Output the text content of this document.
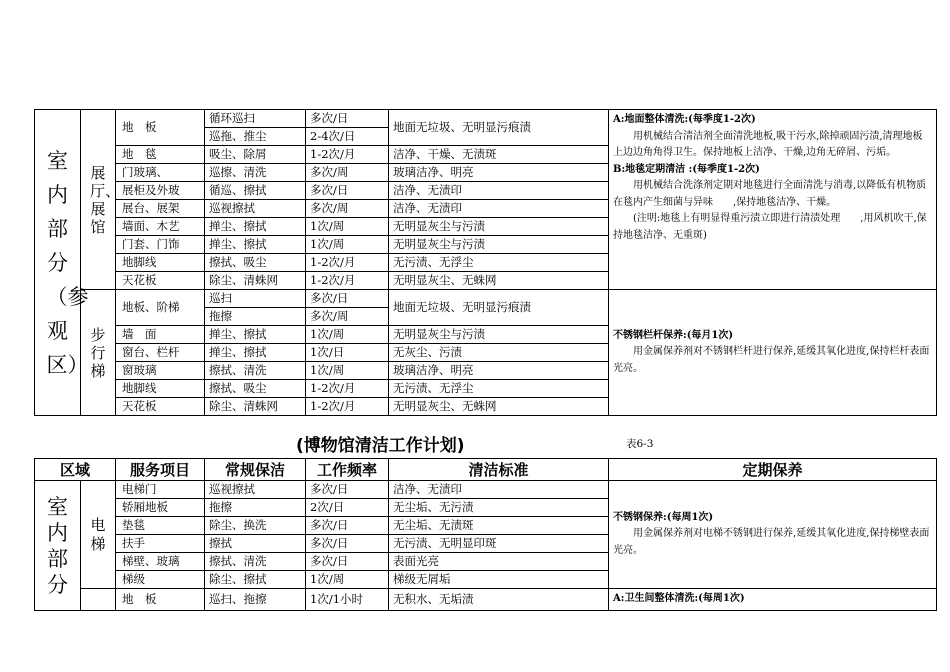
室内部分（参观区）	展厅、展馆	地　板	循环巡扫	多次/日	地面无垃圾、无明显污痕渍	A:地面整体清洗:(每季度1-2次)
用机械结合清洁剂全面清洗地板,吸干污水,除掉顽固污渍,清理地板上边边角角得卫生。保持地板上洁净、干燥,边角无碎屑、污垢。
B:地毯定期清洁 :(每季度1-2次)
用机械结合洗涤剂定期对地毯进行全面清洗与消毒,以降低有机物质在毯内产生细菌与异味　　,保持地毯洁净、干燥。
(注明:地毯上有明显得重污渍立即进行清渍处理　　,用风机吹干,保持地毯洁净、无重斑)

			巡拖、推尘	2-4次/日		
		地　毯	吸尘、除屑	1-2次/月	洁净、干燥、无渍斑	
		门玻璃、	巡擦、清洗	多次/周	玻璃洁净、明亮	
		展柜及外玻	循巡、擦拭	多次/日	洁净、无渍印	
		展台、展架	巡视擦拭	多次/周	洁净、无渍印	
		墙面、木艺	掸尘、擦拭	1次/周	无明显灰尘与污渍	
		门套、门饰	掸尘、擦拭	1次/周	无明显灰尘与污渍	
		地脚线	擦拭、吸尘	1-2次/月	无污渍、无浮尘	
		天花板	除尘、清蛛网	1-2次/月	无明显灰尘、无蛛网	

	步行梯	地板、阶梯	巡扫	多次/日	地面无垃圾、无明显污痕渍	不锈钢栏杆保养:(每月1次)
用金属保养剂对不锈钢栏杆进行保养,延缓其氧化进度,保持栏杆表面光亮。

			拖擦	多次/周		
		墙　面	掸尘、擦拭	1次/周	无明显灰尘与污渍	
		窗台、栏杆	掸尘、擦拭	1次/日	无灰尘、污渍	
		窗玻璃	擦拭、清洗	1次/周	玻璃洁净、明亮	
		地脚线	擦拭、吸尘	1-2次/月	无污渍、无浮尘	
		天花板	除尘、清蛛网	1-2次/月	无明显灰尘、无蛛网	
(博物馆清洁工作计划)	表6-3
区域		服务项目	常规保洁	工作频率	清洁标准	定期保养

室内部分	电梯	电梯门	巡视擦拭	多次/日	洁净、无渍印	不锈钢保养:(每周1次)
用金属保养剂对电梯不锈钢进行保养,延缓其氧化进度,保持梯壁表面光亮。

		轿厢地板	拖擦	2次/日	无尘垢、无污渍	
		垫毯	除尘、换洗	多次/日	无尘垢、无渍斑	
		扶手	擦拭	多次/日	无污渍、无明显印斑	
		梯壁、玻璃	擦拭、清洗	多次/日	表面光亮	
		梯级	除尘、擦拭	1次/周	梯级无屑垢	

		地　板	巡扫、拖擦	1次/1小时	无积水、无垢渍	A:卫生间整体清洗:(每周1次)
